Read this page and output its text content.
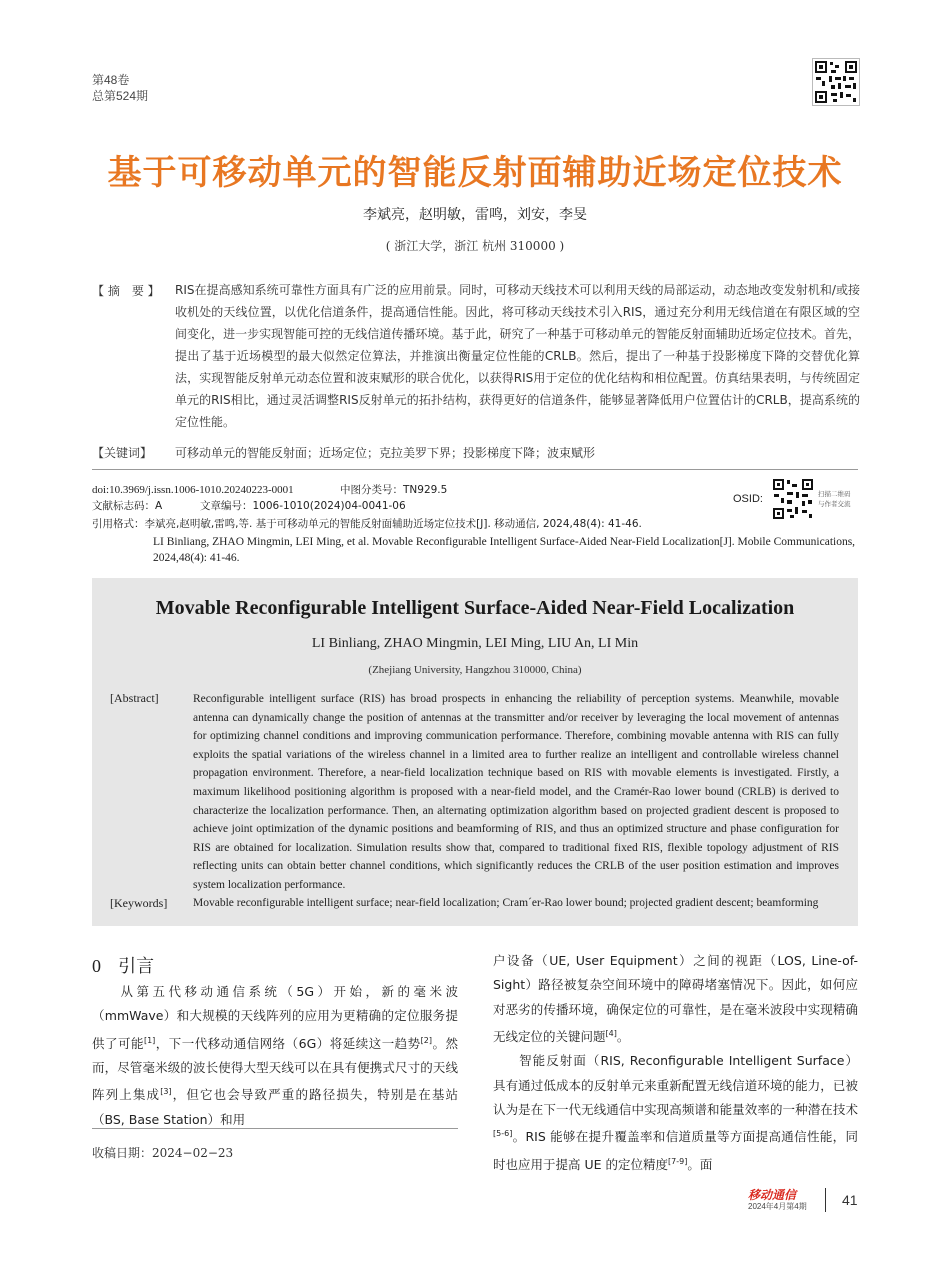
第48卷
总第524期
基于可移动单元的智能反射面辅助近场定位技术
李斌亮，赵明敏，雷鸣，刘安，李旻
( 浙江大学，浙江 杭州 310000 )
【 摘　要 】 RIS在提高感知系统可靠性方面具有广泛的应用前景。同时，可移动天线技术可以利用天线的局部运动，动态地改变发射机和/或接收机处的天线位置，以优化信道条件，提高通信性能。因此，将可移动天线技术引入RIS，通过充分利用无线信道在有限区域的空间变化，进一步实现智能可控的无线信道传播环境。基于此，研究了一种基于可移动单元的智能反射面辅助近场定位技术。首先，提出了基于近场模型的最大似然定位算法，并推演出衡量定位性能的CRLB。然后，提出了一种基于投影梯度下降的交替优化算法，实现智能反射单元动态位置和波束赋形的联合优化，以获得RIS用于定位的优化结构和相位配置。仿真结果表明，与传统固定单元的RIS相比，通过灵活调整RIS反射单元的拓扑结构，获得更好的信道条件，能够显著降低用户位置估计的CRLB，提高系统的定位性能。
【关键词】 可移动单元的智能反射面；近场定位；克拉美罗下界；投影梯度下降；波束赋形
doi:10.3969/j.issn.1006-1010.20240223-0001	中图分类号：TN929.5
文献标志码：A	文章编号：1006-1010(2024)04-0041-06
OSID:	扫描二维码
与作者交流
引用格式：李斌亮,赵明敏,雷鸣,等. 基于可移动单元的智能反射面辅助近场定位技术[J]. 移动通信, 2024,48(4): 41-46.
LI Binliang, ZHAO Mingmin, LEI Ming, et al. Movable Reconfigurable Intelligent Surface-Aided Near-Field Localization[J]. Mobile Communications, 2024,48(4): 41-46.
Movable Reconfigurable Intelligent Surface-Aided Near-Field Localization
LI Binliang, ZHAO Mingmin, LEI Ming, LIU An, LI Min
(Zhejiang University, Hangzhou 310000, China)
[Abstract]	Reconfigurable intelligent surface (RIS) has broad prospects in enhancing the reliability of perception systems. Meanwhile, movable antenna can dynamically change the position of antennas at the transmitter and/or receiver by leveraging the local movement of antennas for optimizing channel conditions and improving communication performance. Therefore, combining movable antenna with RIS can fully exploits the spatial variations of the wireless channel in a limited area to further realize an intelligent and controllable wireless channel propagation environment. Therefore, a near-field localization technique based on RIS with movable elements is investigated. Firstly, a maximum likelihood positioning algorithm is proposed with a near-field model, and the Cramér-Rao lower bound (CRLB) is derived to characterize the localization performance. Then, an alternating optimization algorithm based on projected gradient descent is proposed to achieve joint optimization of the dynamic positions and beamforming of RIS, and thus an optimized structure and phase configuration for RIS are obtained for localization. Simulation results show that, compared to traditional fixed RIS, flexible topology adjustment of RIS reflecting units can obtain better channel conditions, which significantly reduces the CRLB of the user position estimation and improves system localization performance.
[Keywords] Movable reconfigurable intelligent surface; near-field localization; Cram´er-Rao lower bound; projected gradient descent; beamforming
0 引言
从第五代移动通信系统（5G）开始，新的毫米波（mmWave）和大规模的天线阵列的应用为更精确的定位服务提供了可能[1]，下一代移动通信网络（6G）将延续这一趋势[2]。然而，尽管毫米级的波长使得大型天线可以在具有便携式尺寸的天线阵列上集成[3]，但它也会导致严重的路径损失，特别是在基站（BS, Base Station）和用
收稿日期：2024−02−23
户设备（UE, User Equipment）之间的视距（LOS, Line-of-Sight）路径被复杂空间环境中的障碍堵塞情况下。因此，如何应对恶劣的传播环境，确保定位的可靠性，是在毫米波段中实现精确无线定位的关键问题[4]。
智能反射面（RIS, Reconfigurable Intelligent Surface）具有通过低成本的反射单元来重新配置无线信道环境的能力，已被认为是在下一代无线通信中实现高频谱和能量效率的一种潜在技术[5-6]。RIS 能够在提升覆盖率和信道质量等方面提高通信性能，同时也应用于提高 UE 的定位精度[7-9]。面
移动通信
2024年4月第4期	41
